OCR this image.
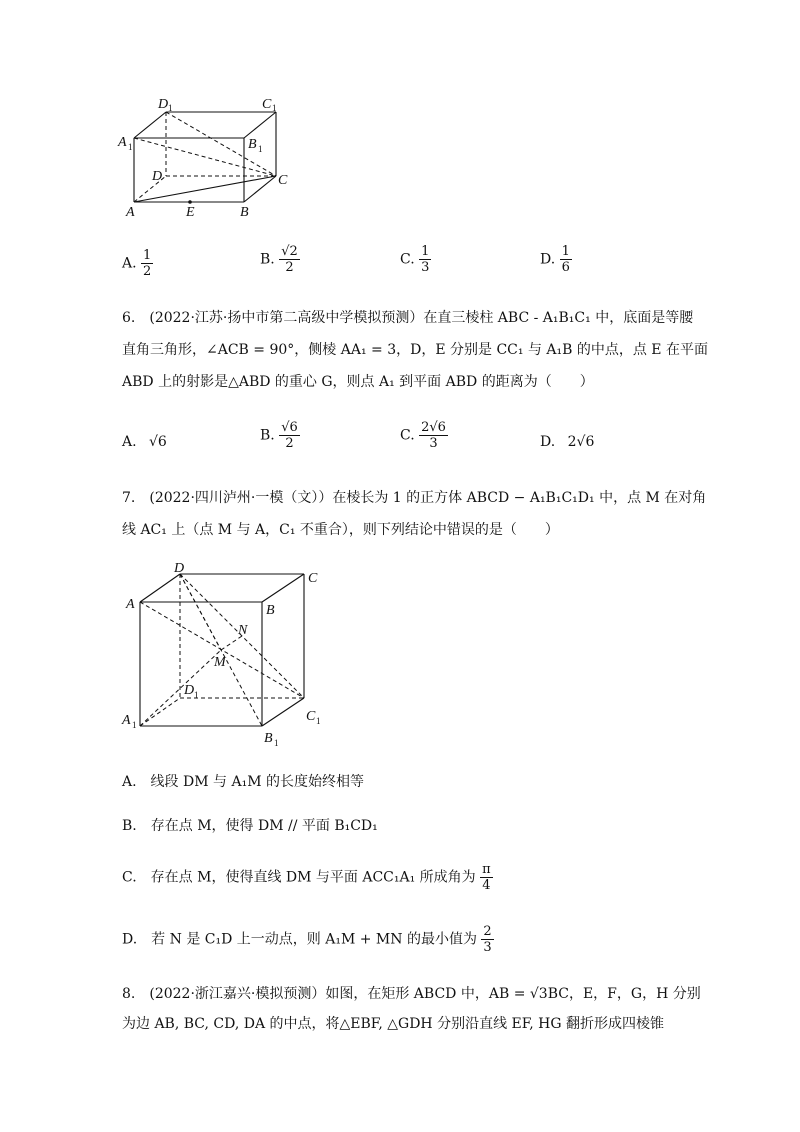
D 1	C 1
A 1	B 1
D	C
A	E	B
A. $\frac{1}{2}$	B. $\frac{√2}{2}$	C. $\frac{1}{3}$	D. $\frac{1}{6}$
6.　(2022·江苏·扬中市第二高级中学模拟预测）在直三棱柱 ABC - A₁B₁C₁ 中，底面是等腰
直角三角形，∠ACB = 90°，侧棱 AA₁ = 3，D，E 分别是 CC₁ 与 A₁B 的中点，点 E 在平面
ABD 上的射影是△ABD 的重心 G，则点 A₁ 到平面 ABD 的距离为（　　）
A. √6	B. $\frac{√6}{2}$	C. $\frac{2√6}{3}$	D. 2√6
7.　(2022·四川泸州·一模（文））在棱长为 1 的正方体 ABCD − A₁B₁C₁D₁ 中，点 M 在对角
线 AC₁ 上（点 M 与 A，C₁ 不重合），则下列结论中错误的是（　　）
D
C
A	B
N
M
D 1
A 1
C 1
B 1
A.　线段 DM 与 A₁M 的长度始终相等
B.　存在点 M，使得 DM // 平面 B₁CD₁
C.　存在点 M，使得直线 DM 与平面 ACC₁A₁ 所成角为 $\frac{\pi}{4}$
D.　若 N 是 C₁D 上一动点，则 A₁M + MN 的最小值为 $\frac{2}{3}$
8.　(2022·浙江嘉兴·模拟预测）如图，在矩形 ABCD 中，AB = √3BC，E，F，G，H 分别
为边 AB, BC, CD, DA 的中点，将△EBF, △GDH 分别沿直线 EF, HG 翻折形成四棱锥
